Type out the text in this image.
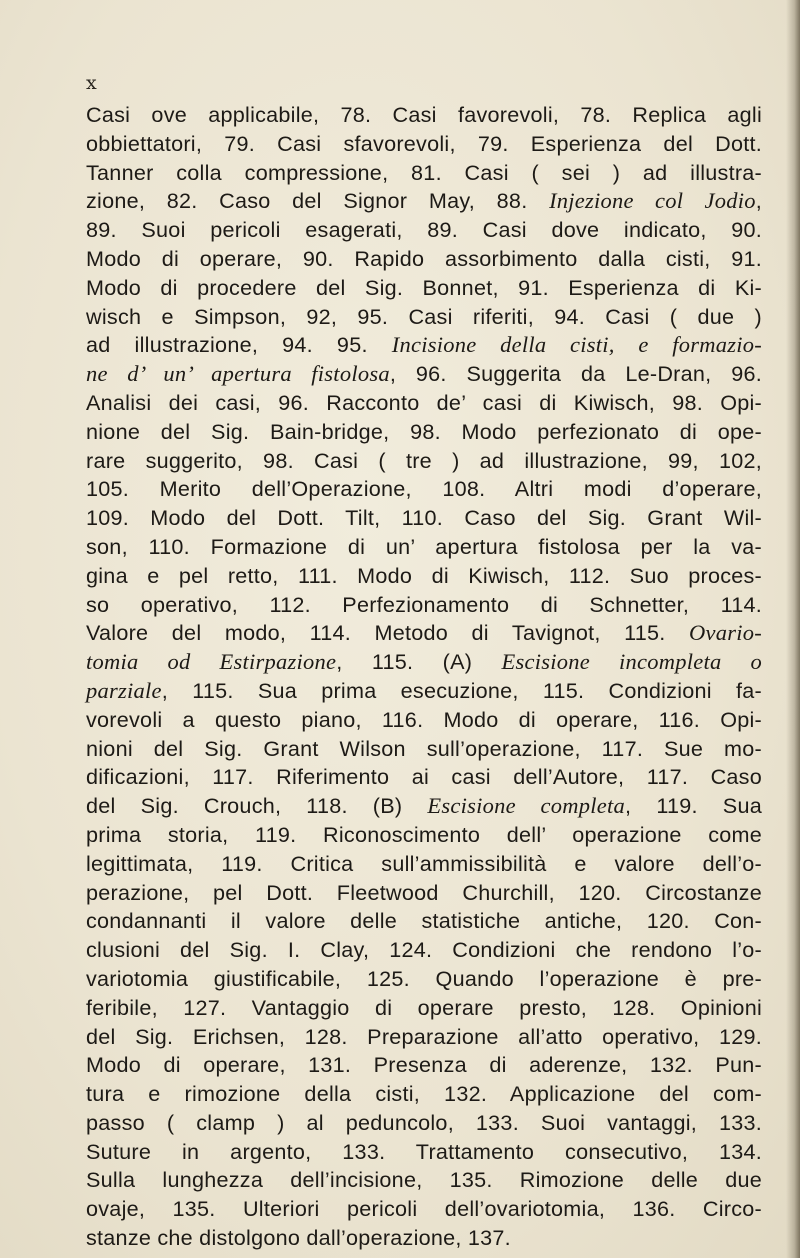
x
Casi ove applicabile, 78. Casi favorevoli, 78. Replica agli
obbiettatori, 79. Casi sfavorevoli, 79. Esperienza del Dott.
Tanner colla compressione, 81. Casi ( sei ) ad illustra-
zione, 82. Caso del Signor May, 88. Injezione col Jodio,
89. Suoi pericoli esagerati, 89. Casi dove indicato, 90.
Modo di operare, 90. Rapido assorbimento dalla cisti, 91.
Modo di procedere del Sig. Bonnet, 91. Esperienza di Ki-
wisch e Simpson, 92, 95. Casi riferiti, 94. Casi ( due )
ad illustrazione, 94. 95. Incisione della cisti, e formazio-
ne d’ un’ apertura fistolosa, 96. Suggerita da Le-Dran, 96.
Analisi dei casi, 96. Racconto de’ casi di Kiwisch, 98. Opi-
nione del Sig. Bain-bridge, 98. Modo perfezionato di ope-
rare suggerito, 98. Casi ( tre ) ad illustrazione, 99, 102,
105. Merito dell’Operazione, 108. Altri modi d’operare,
109. Modo del Dott. Tilt, 110. Caso del Sig. Grant Wil-
son, 110. Formazione di un’ apertura fistolosa per la va-
gina e pel retto, 111. Modo di Kiwisch, 112. Suo proces-
so operativo, 112. Perfezionamento di Schnetter, 114.
Valore del modo, 114. Metodo di Tavignot, 115. Ovario-
tomia od Estirpazione, 115. (A) Escisione incompleta o
parziale, 115. Sua prima esecuzione, 115. Condizioni fa-
vorevoli a questo piano, 116. Modo di operare, 116. Opi-
nioni del Sig. Grant Wilson sull’operazione, 117. Sue mo-
dificazioni, 117. Riferimento ai casi dell’Autore, 117. Caso
del Sig. Crouch, 118. (B) Escisione completa, 119. Sua
prima storia, 119. Riconoscimento dell’ operazione come
legittimata, 119. Critica sull’ammissibilità e valore dell’o-
perazione, pel Dott. Fleetwood Churchill, 120. Circostanze
condannanti il valore delle statistiche antiche, 120. Con-
clusioni del Sig. I. Clay, 124. Condizioni che rendono l’o-
variotomia giustificabile, 125. Quando l’operazione è pre-
feribile, 127. Vantaggio di operare presto, 128. Opinioni
del Sig. Erichsen, 128. Preparazione all’atto operativo, 129.
Modo di operare, 131. Presenza di aderenze, 132. Pun-
tura e rimozione della cisti, 132. Applicazione del com-
passo ( clamp ) al peduncolo, 133. Suoi vantaggi, 133.
Suture in argento, 133. Trattamento consecutivo, 134.
Sulla lunghezza dell’incisione, 135. Rimozione delle due
ovaje, 135. Ulteriori pericoli dell’ovariotomia, 136. Circo-
stanze che distolgono dall’operazione, 137.
